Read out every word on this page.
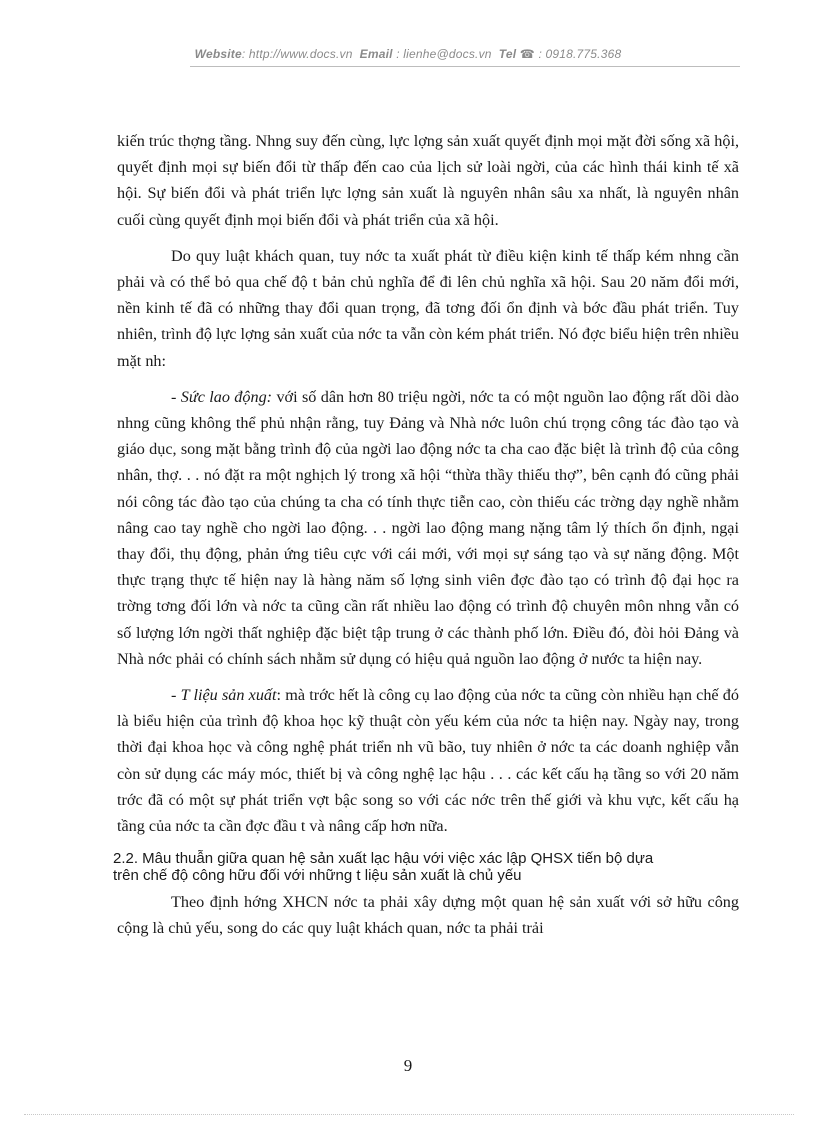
Website: http://www.docs.vn Email : lienhe@docs.vn Tel ☎ : 0918.775.368

kiến trúc thợng tầng. Nhng suy đến cùng, lực lợng sản xuất quyết định mọi mặt đời sống xã hội, quyết định mọi sự biến đổi từ thấp đến cao của lịch sử loài ngời, của các hình thái kinh tế xã hội. Sự biến đổi và phát triển lực lợng sản xuất là nguyên nhân sâu xa nhất, là nguyên nhân cuối cùng quyết định mọi biến đổi và phát triển của xã hội.

Do quy luật khách quan, tuy nớc ta xuất phát từ điều kiện kinh tế thấp kém nhng cần phải và có thể bỏ qua chế độ t bản chủ nghĩa để đi lên chủ nghĩa xã hội. Sau 20 năm đổi mới, nền kinh tế đã có những thay đổi quan trọng, đã tơng đối ổn định và bớc đầu phát triển. Tuy nhiên, trình độ lực lợng sản xuất của nớc ta vẫn còn kém phát triển. Nó đợc biểu hiện trên nhiều mặt nh:

- Sức lao động: với số dân hơn 80 triệu ngời, nớc ta có một nguồn lao động rất dồi dào nhng cũng không thể phủ nhận rằng, tuy Đảng và Nhà nớc luôn chú trọng công tác đào tạo và giáo dục, song mặt bằng trình độ của ngời lao động nớc ta cha cao đặc biệt là trình độ của công nhân, thợ. . . nó đặt ra một nghịch lý trong xã hội “thừa thầy thiếu thợ”, bên cạnh đó cũng phải nói công tác đào tạo của chúng ta cha có tính thực tiễn cao, còn thiếu các trờng dạy nghề nhằm nâng cao tay nghề cho ngời lao động. . . ngời lao động mang nặng tâm lý thích ổn định, ngại thay đổi, thụ động, phản ứng tiêu cực với cái mới, với mọi sự sáng tạo và sự năng động. Một thực trạng thực tế hiện nay là hàng năm số lợng sinh viên đợc đào tạo có trình độ đại học ra trờng tơng đối lớn và nớc ta cũng cần rất nhiều lao động có trình độ chuyên môn nhng vẫn có số lượng lớn ngời thất nghiệp đặc biệt tập trung ở các thành phố lớn. Điều đó, đòi hỏi Đảng và Nhà nớc phải có chính sách nhằm sử dụng có hiệu quả nguồn lao động ở nước ta hiện nay.

- T liệu sản xuất: mà trớc hết là công cụ lao động của nớc ta cũng còn nhiều hạn chế đó là biểu hiện của trình độ khoa học kỹ thuật còn yếu kém của nớc ta hiện nay. Ngày nay, trong thời đại khoa học và công nghệ phát triển nh vũ bão, tuy nhiên ở nớc ta các doanh nghiệp vẫn còn sử dụng các máy móc, thiết bị và công nghệ lạc hậu . . . các kết cấu hạ tầng so với 20 năm trớc đã có một sự phát triển vợt bậc song so với các nớc trên thế giới và khu vực, kết cấu hạ tầng của nớc ta cần đợc đầu t và nâng cấp hơn nữa.

2.2. Mâu thuẫn giữa quan hệ sản xuất lạc hậu với việc xác lập QHSX tiến bộ dựa
trên chế độ công hữu đối với những t liệu sản xuất là chủ yếu

Theo định hớng XHCN nớc ta phải xây dựng một quan hệ sản xuất với sở hữu công cộng là chủ yếu, song do các quy luật khách quan, nớc ta phải trải

9
